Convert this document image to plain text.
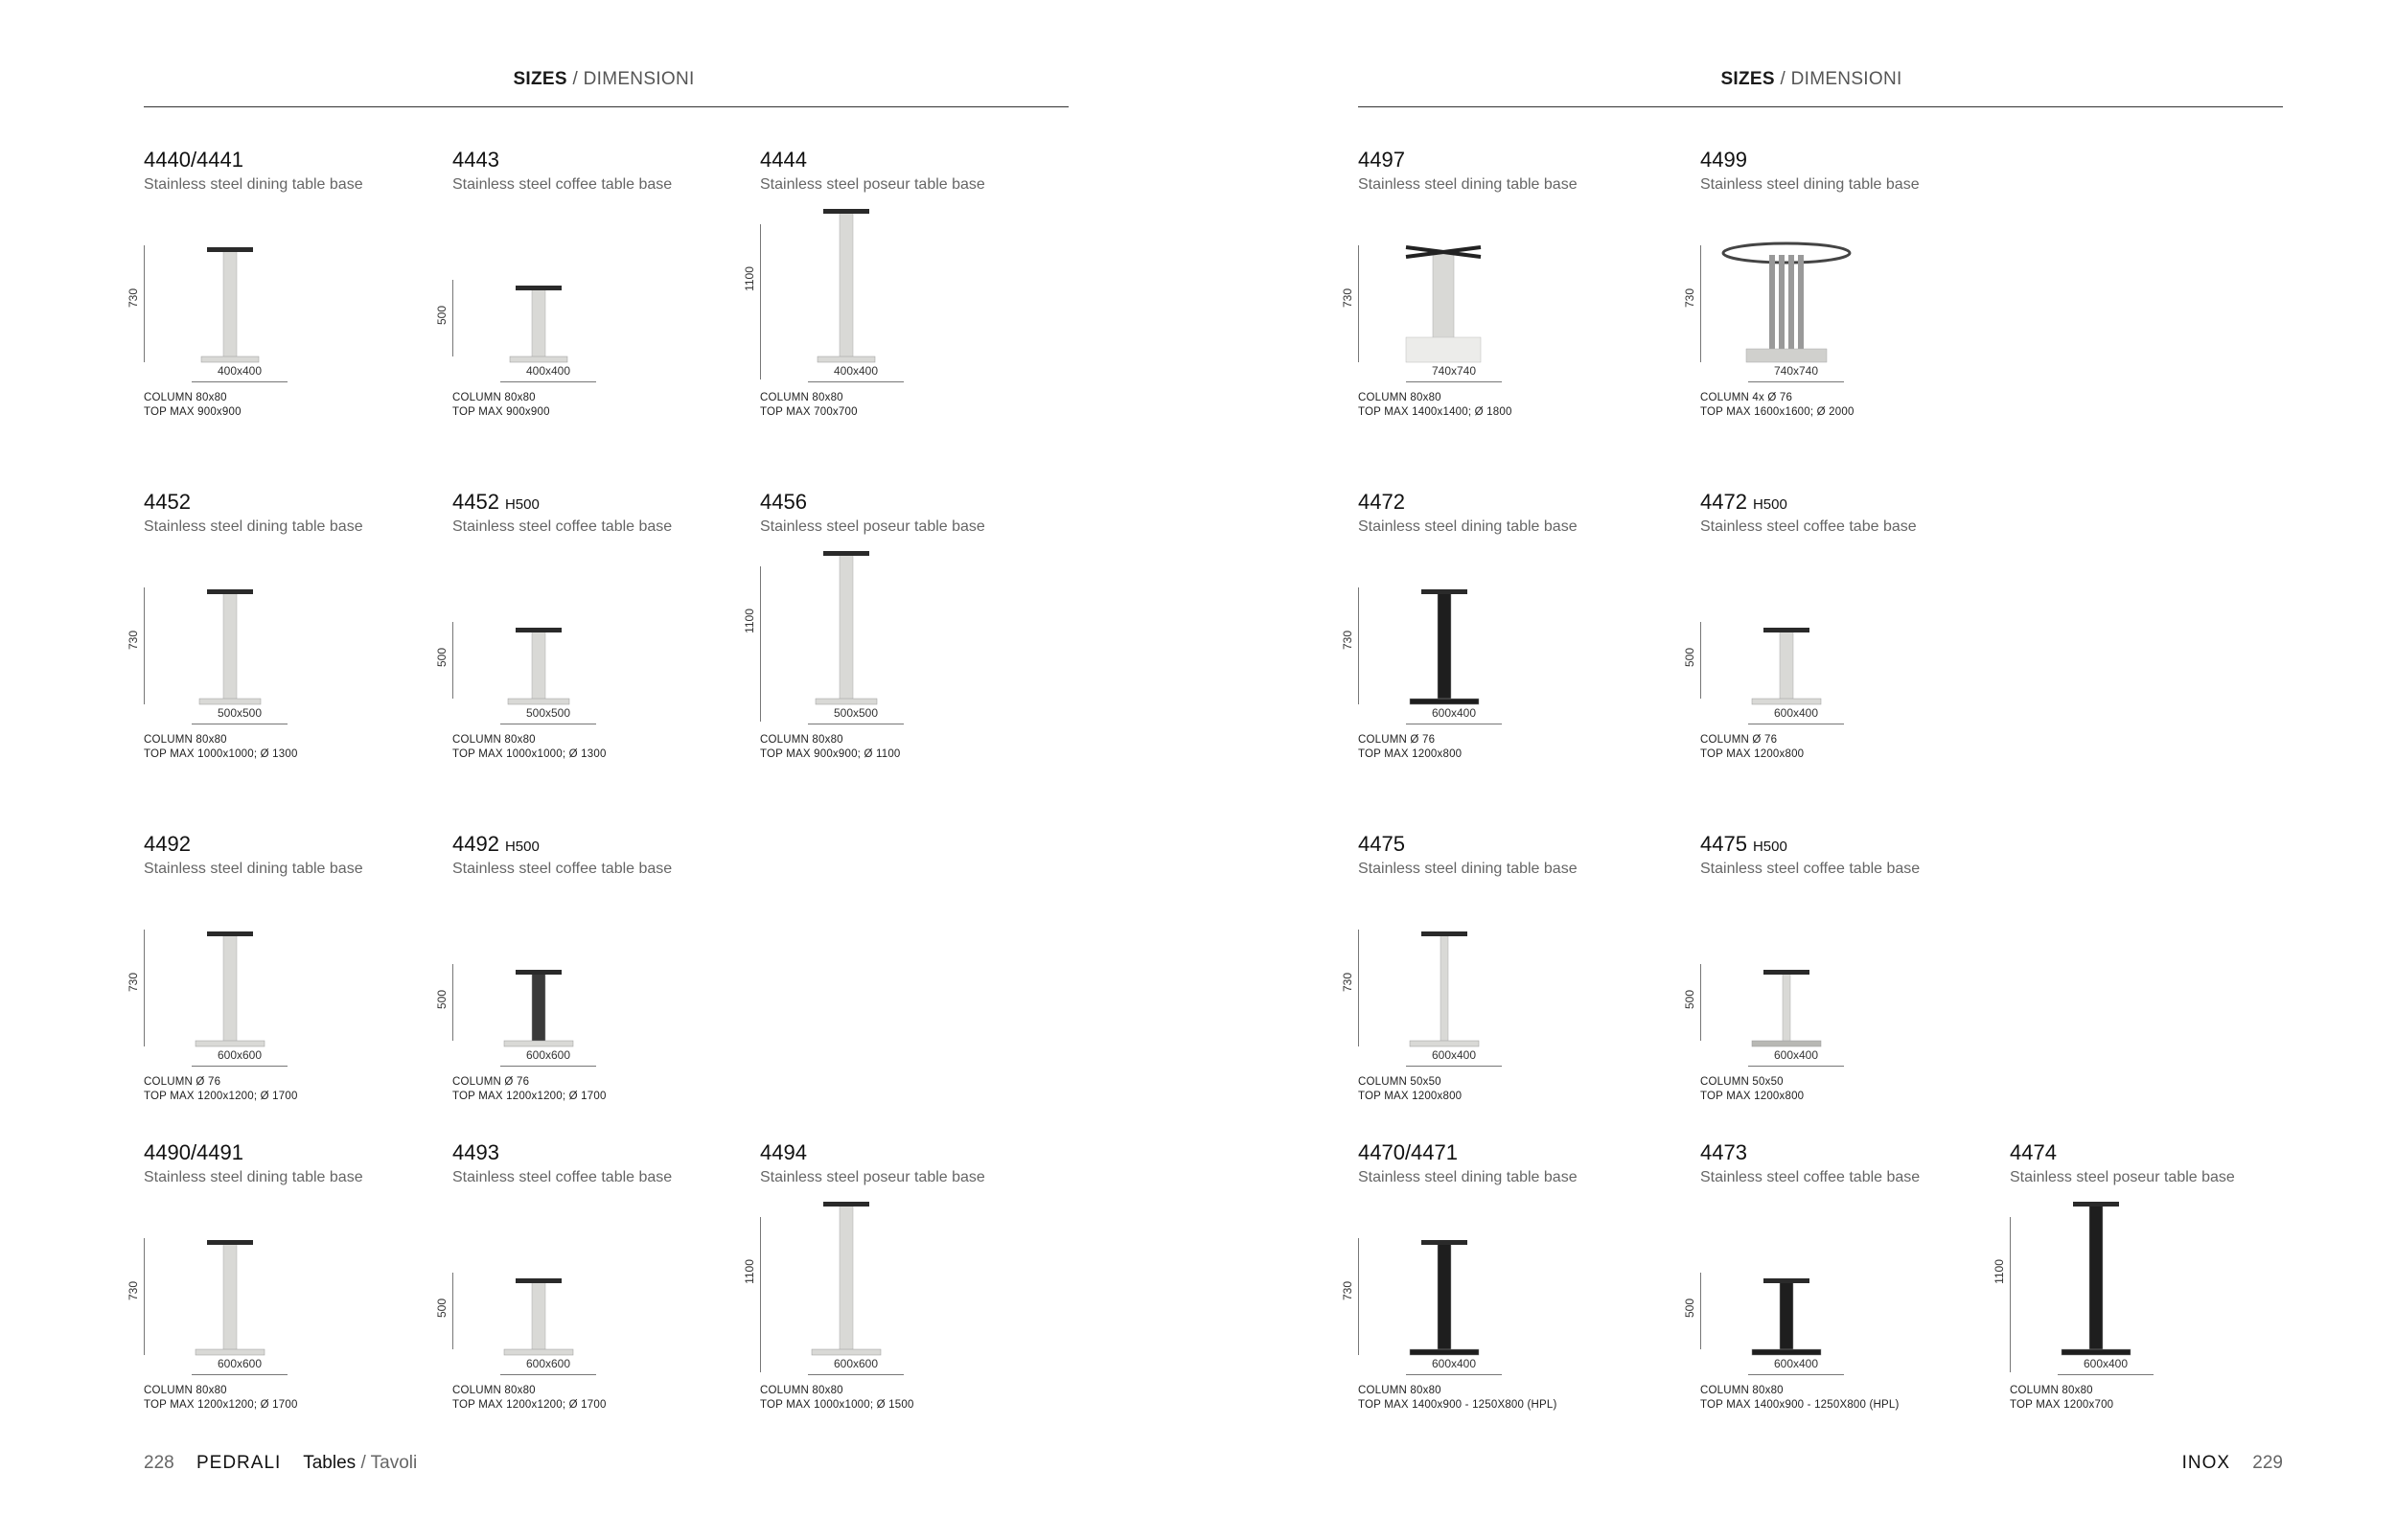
SIZES / DIMENSIONI	SIZES / DIMENSIONI
4440/4441
Stainless steel dining table base
730
400x400
COLUMN 80x80
TOP MAX 900x900
4443
Stainless steel coffee table base
500
400x400
COLUMN 80x80
TOP MAX 900x900
4444
Stainless steel poseur table base
1100
400x400
COLUMN 80x80
TOP MAX 700x700
4452
Stainless steel dining table base
730
500x500
COLUMN 80x80
TOP MAX 1000x1000; Ø 1300
4452 H500
Stainless steel coffee table base
500
500x500
COLUMN 80x80
TOP MAX 1000x1000; Ø 1300
4456
Stainless steel poseur table base
1100
500x500
COLUMN 80x80
TOP MAX 900x900; Ø 1100
4492
Stainless steel dining table base
730
600x600
COLUMN Ø 76
TOP MAX 1200x1200; Ø 1700
4492 H500
Stainless steel coffee table base
500
600x600
COLUMN Ø 76
TOP MAX 1200x1200; Ø 1700
4490/4491
Stainless steel dining table base
730
600x600
COLUMN 80x80
TOP MAX 1200x1200; Ø 1700
4493
Stainless steel coffee table base
500
600x600
COLUMN 80x80
TOP MAX 1200x1200; Ø 1700
4494
Stainless steel poseur table base
1100
600x600
COLUMN 80x80
TOP MAX 1000x1000; Ø 1500
4497
Stainless steel dining table base
730
740x740
COLUMN 80x80
TOP MAX 1400x1400; Ø 1800
4499
Stainless steel dining table base
730
740x740
COLUMN 4x Ø 76
TOP MAX 1600x1600; Ø 2000
4472
Stainless steel dining table base
730
600x400
COLUMN Ø 76
TOP MAX 1200x800
4472 H500
Stainless steel coffee tabe base
500
600x400
COLUMN Ø 76
TOP MAX 1200x800
4475
Stainless steel dining table base
730
600x400
COLUMN 50x50
TOP MAX 1200x800
4475 H500
Stainless steel coffee table base
500
600x400
COLUMN 50x50
TOP MAX 1200x800
4470/4471
Stainless steel dining table base
730
600x400
COLUMN 80x80
TOP MAX 1400x900 - 1250X800 (HPL)
4473
Stainless steel coffee table base
500
600x400
COLUMN 80x80
TOP MAX 1400x900 - 1250X800 (HPL)
4474
Stainless steel poseur table base
1100
600x400
COLUMN 80x80
TOP MAX 1200x700
228 PEDRALI Tables / Tavoli	INOX 229
